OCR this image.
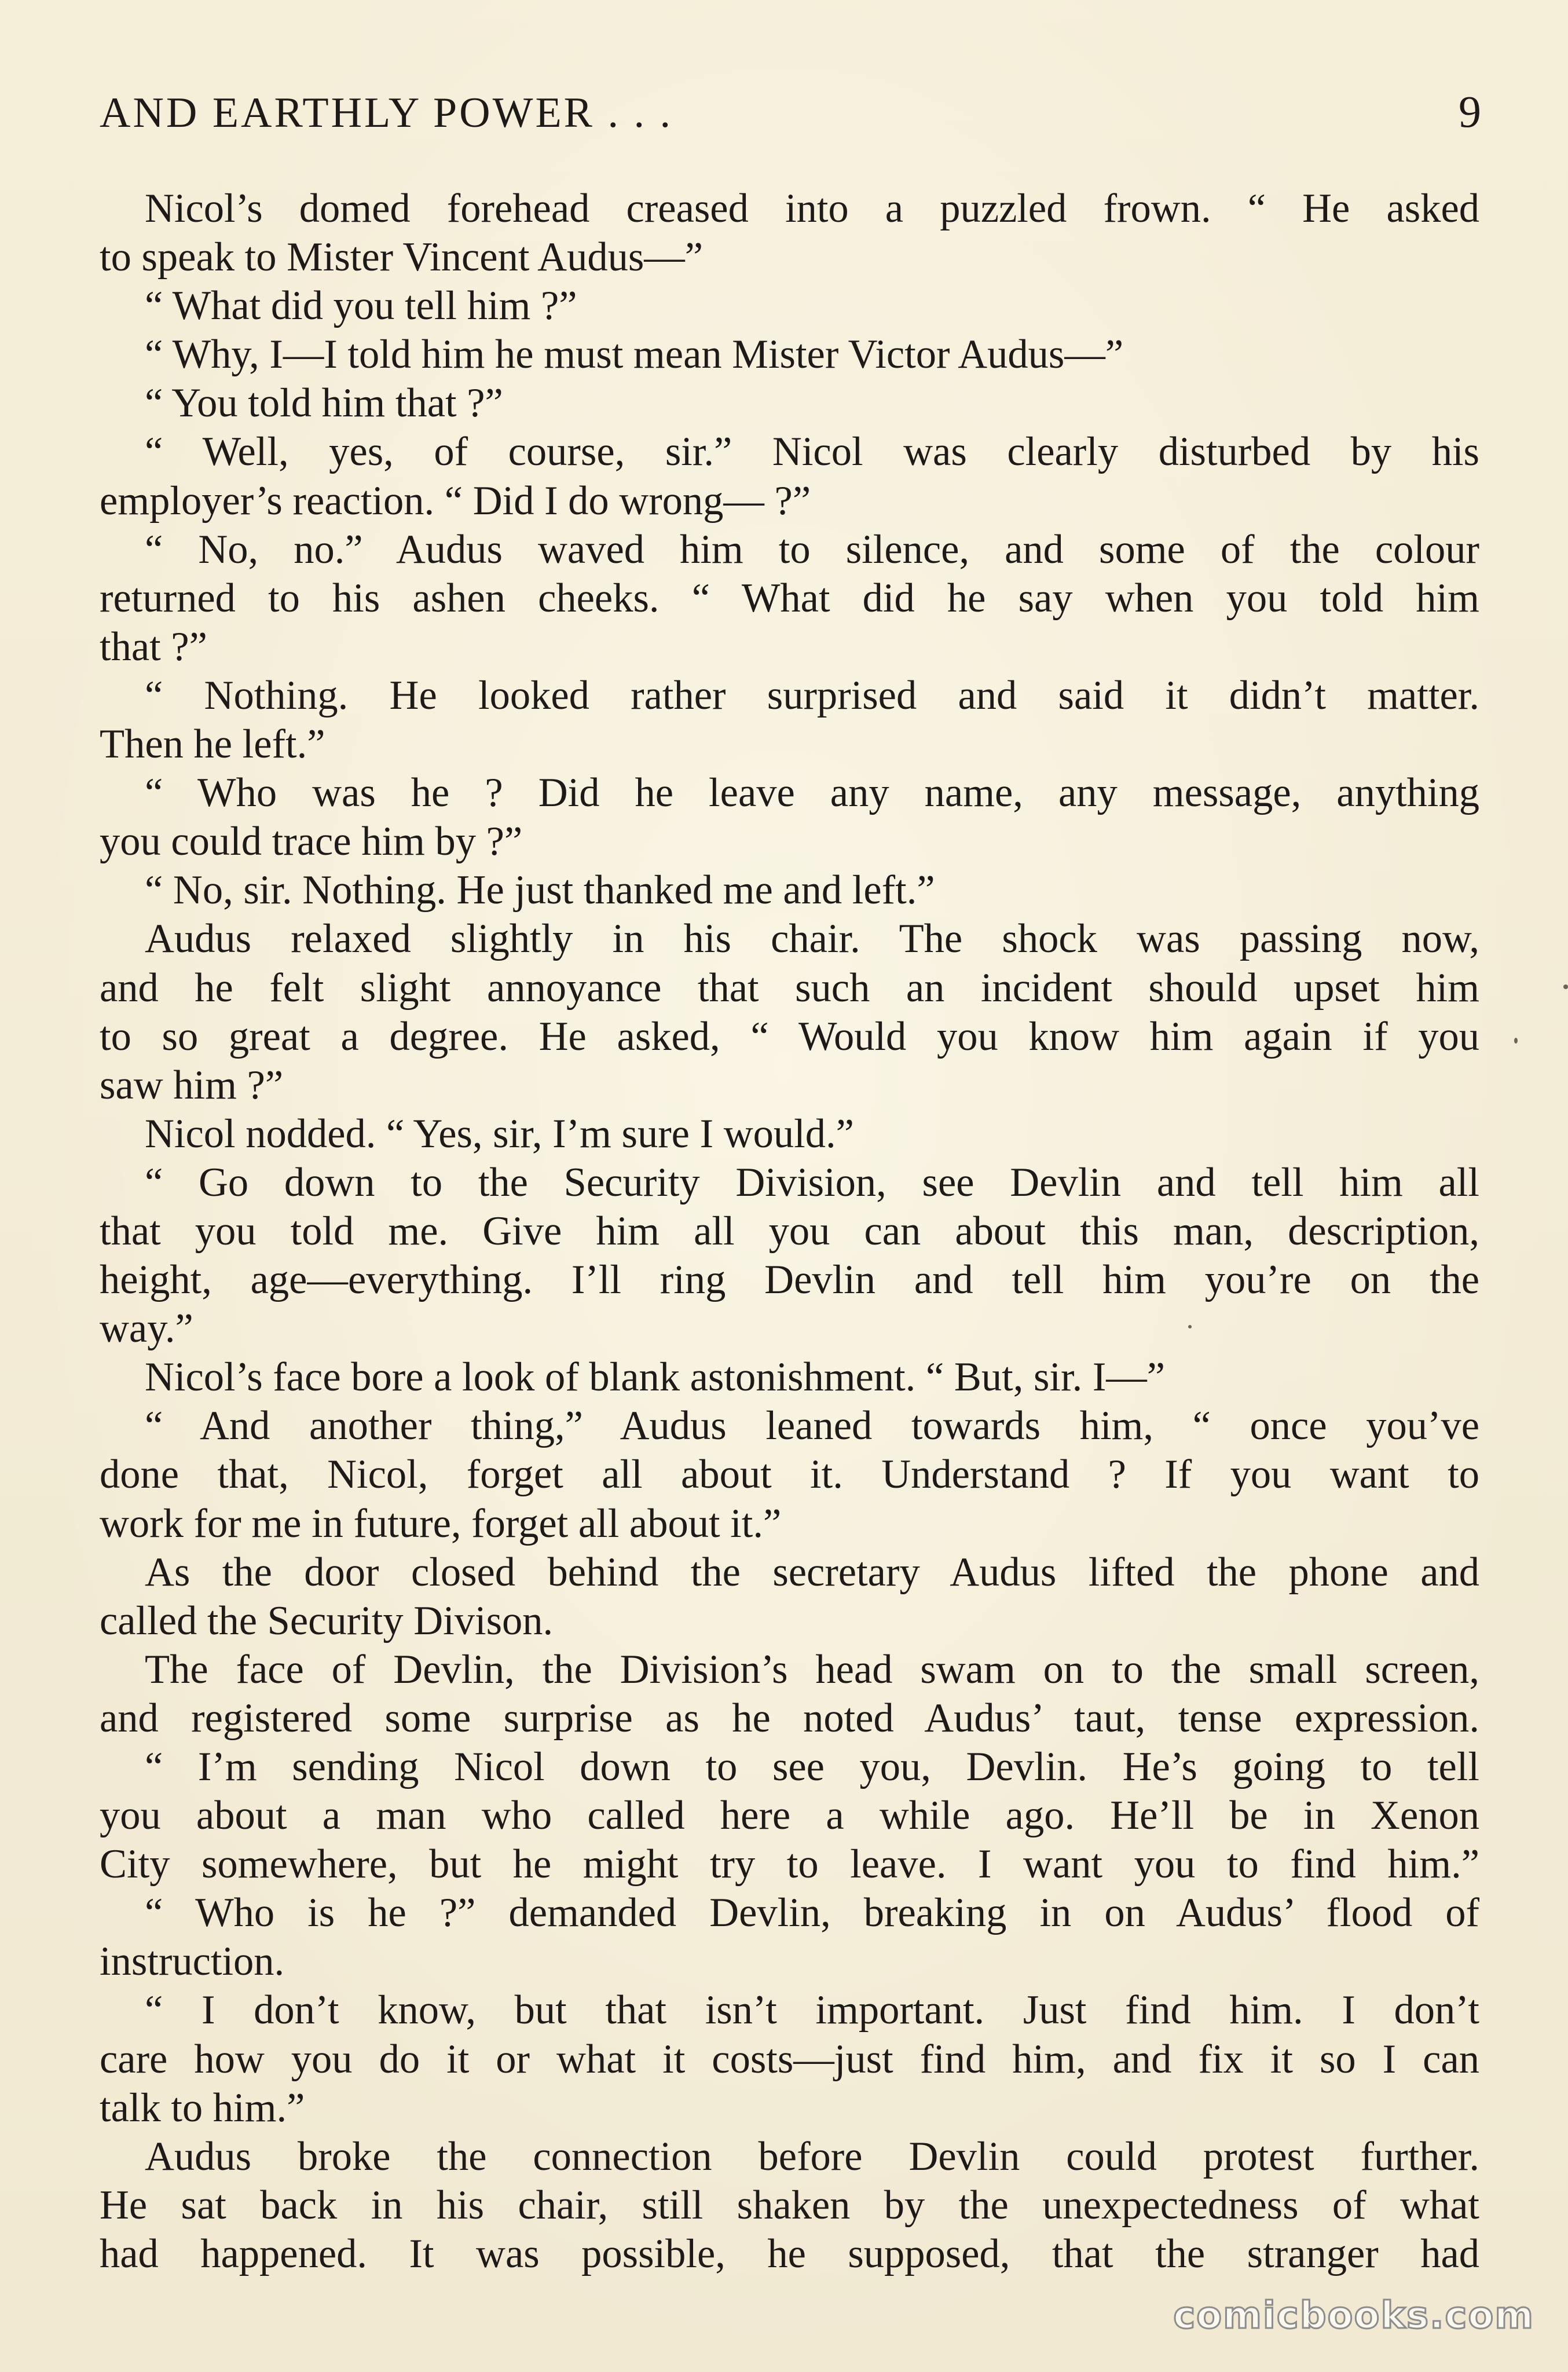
AND EARTHLY POWER . . .	9
Nicol’s domed forehead creased into a puzzled frown. “ He asked
to speak to Mister Vincent Audus—”
“ What did you tell him ?”
“ Why, I—I told him he must mean Mister Victor Audus—”
“ You told him that ?”
“ Well, yes, of course, sir.” Nicol was clearly disturbed by his
employer’s reaction. “ Did I do wrong— ?”
“ No, no.” Audus waved him to silence, and some of the colour
returned to his ashen cheeks. “ What did he say when you told him
that ?”
“ Nothing. He looked rather surprised and said it didn’t matter.
Then he left.”
“ Who was he ? Did he leave any name, any message, anything
you could trace him by ?”
“ No, sir. Nothing. He just thanked me and left.”
Audus relaxed slightly in his chair. The shock was passing now,
and he felt slight annoyance that such an incident should upset him
to so great a degree. He asked, “ Would you know him again if you
saw him ?”
Nicol nodded. “ Yes, sir, I’m sure I would.”
“ Go down to the Security Division, see Devlin and tell him all
that you told me. Give him all you can about this man, description,
height, age—everything. I’ll ring Devlin and tell him you’re on the
way.”
Nicol’s face bore a look of blank astonishment. “ But, sir. I—”
“ And another thing,” Audus leaned towards him, “ once you’ve
done that, Nicol, forget all about it. Understand ? If you want to
work for me in future, forget all about it.”
As the door closed behind the secretary Audus lifted the phone and
called the Security Divison.
The face of Devlin, the Division’s head swam on to the small screen,
and registered some surprise as he noted Audus’ taut, tense expression.
“ I’m sending Nicol down to see you, Devlin. He’s going to tell
you about a man who called here a while ago. He’ll be in Xenon
City somewhere, but he might try to leave. I want you to find him.”
“ Who is he ?” demanded Devlin, breaking in on Audus’ flood of
instruction.
“ I don’t know, but that isn’t important. Just find him. I don’t
care how you do it or what it costs—just find him, and fix it so I can
talk to him.”
Audus broke the connection before Devlin could protest further.
He sat back in his chair, still shaken by the unexpectedness of what
had happened. It was possible, he supposed, that the stranger had
comicbooks.com
